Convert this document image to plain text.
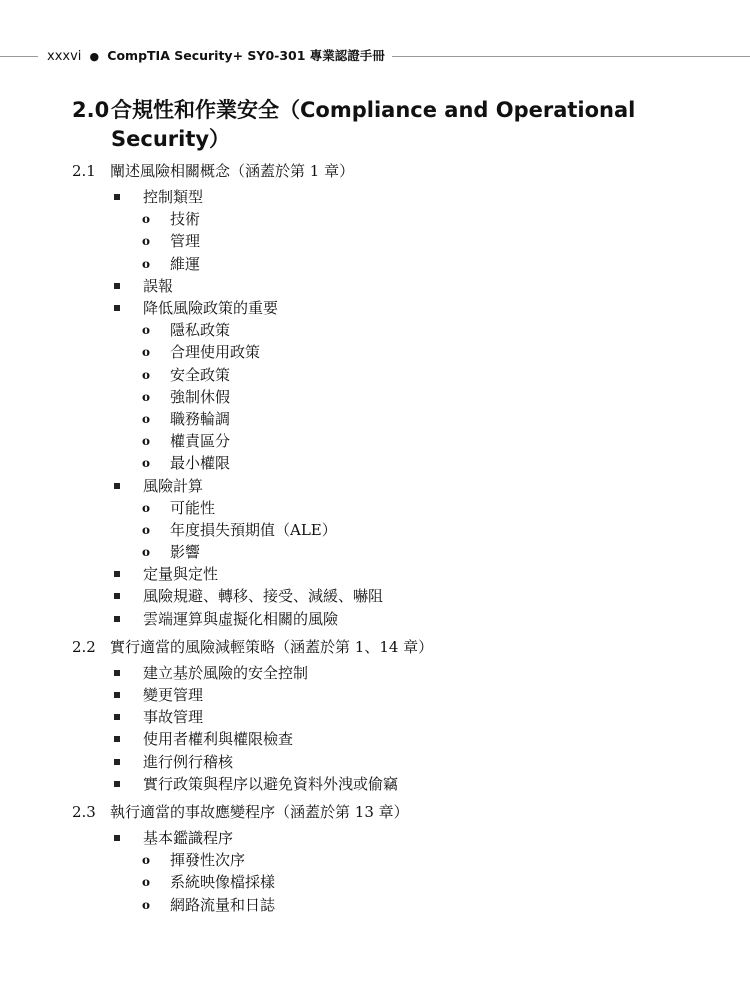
xxxvi ● CompTIA Security+ SY0-301 專業認證手冊
2.0合規性和作業安全（Compliance and Operational
Security）
2.1 闡述風險相關概念（涵蓋於第 1 章）
控制類型
o	技術
o	管理
o	維運
誤報
降低風險政策的重要
o	隱私政策
o	合理使用政策
o	安全政策
o	強制休假
o	職務輪調
o	權責區分
o	最小權限
風險計算
o	可能性
o	年度損失預期值（ALE）
o	影響
定量與定性
風險規避、轉移、接受、減緩、嚇阻
雲端運算與虛擬化相關的風險
2.2 實行適當的風險減輕策略（涵蓋於第 1、14 章）
建立基於風險的安全控制
變更管理
事故管理
使用者權利與權限檢查
進行例行稽核
實行政策與程序以避免資料外洩或偷竊
2.3 執行適當的事故應變程序（涵蓋於第 13 章）
基本鑑識程序
o	揮發性次序
o	系統映像檔採樣
o	網路流量和日誌
